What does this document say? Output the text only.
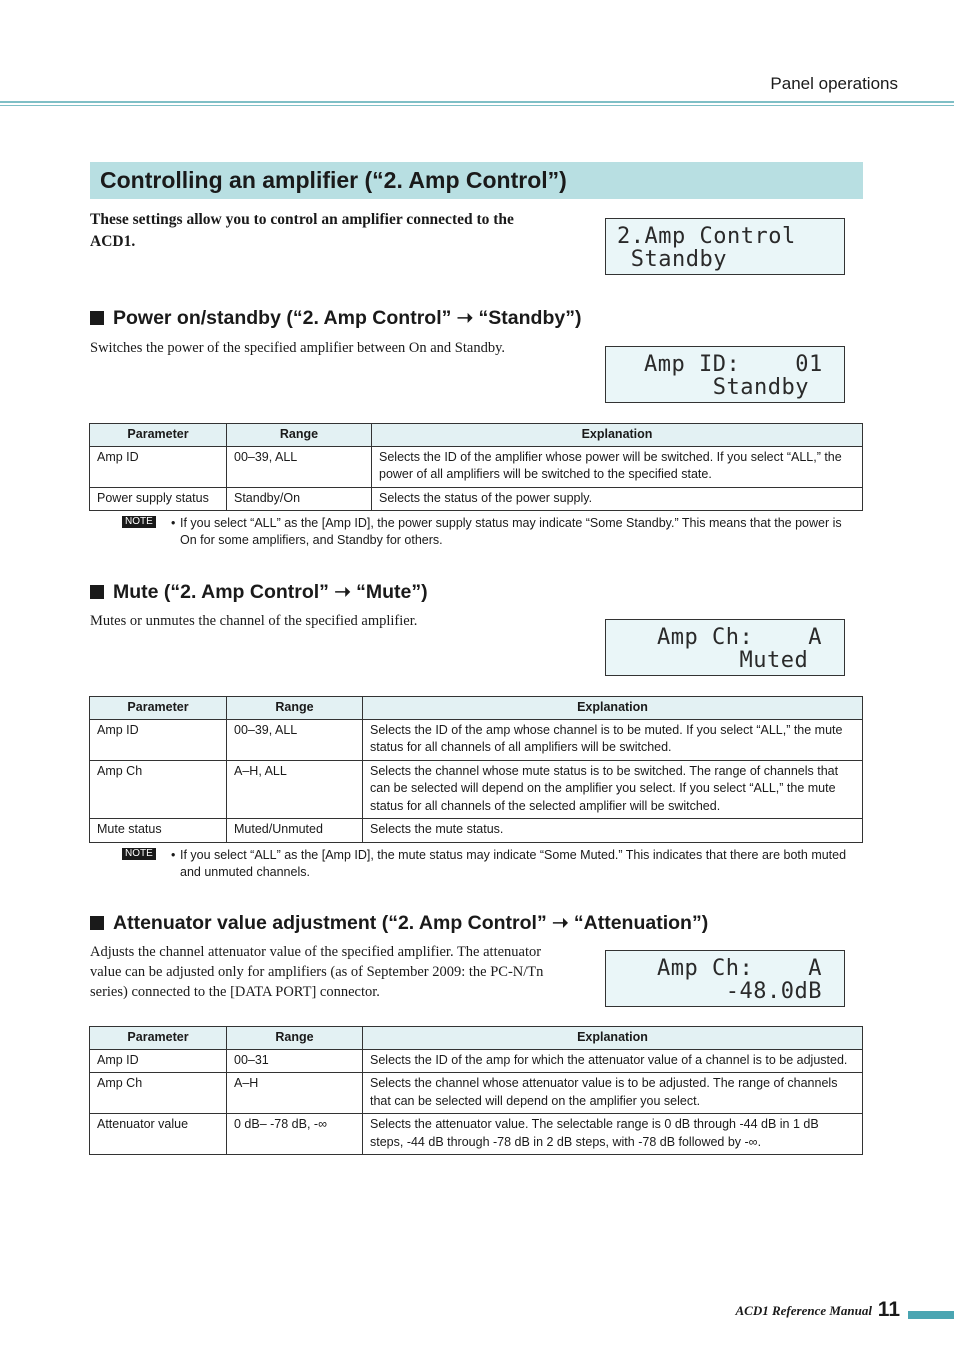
Panel operations
Controlling an amplifier (“2. Amp Control”)
These settings allow you to control an amplifier connected to the ACD1.	2.Amp Control
Standby
Power on/standby (“2. Amp Control” ➝ “Standby”)
Switches the power of the specified amplifier between On and Standby.
Amp ID:    01
Standby
Parameter	Range	Explanation
Amp ID	00–39, ALL	Selects the ID of the amplifier whose power will be switched. If you select “ALL,” the power of all amplifiers will be switched to the specified state.
Power supply status	Standby/On	Selects the status of the power supply.
NOTE • If you select “ALL” as the [Amp ID], the power supply status may indicate “Some Standby.” This means that the power is On for some amplifiers, and Standby for others.
Mute (“2. Amp Control” ➝ “Mute”)
Mutes or unmutes the channel of the specified amplifier.
Amp Ch:    A
Muted
Parameter	Range	Explanation
Amp ID	00–39, ALL	Selects the ID of the amp whose channel is to be muted. If you select “ALL,” the mute status for all channels of all amplifiers will be switched.
Amp Ch	A–H, ALL	Selects the channel whose mute status is to be switched. The range of channels that can be selected will depend on the amplifier you select. If you select “ALL,” the mute status for all channels of the selected amplifier will be switched.
Mute status	Muted/Unmuted	Selects the mute status.
NOTE • If you select “ALL” as the [Amp ID], the mute status may indicate “Some Muted.” This indicates that there are both muted and unmuted channels.
Attenuator value adjustment (“2. Amp Control” ➝ “Attenuation”)
Adjusts the channel attenuator value of the specified amplifier. The attenuator value can be adjusted only for amplifiers (as of September 2009: the PC-N/Tn series) connected to the [DATA PORT] connector.
Amp Ch:    A
-48.0dB
Parameter	Range	Explanation
Amp ID	00–31	Selects the ID of the amp for which the attenuator value of a channel is to be adjusted.
Amp Ch	A–H	Selects the channel whose attenuator value is to be adjusted. The range of channels that can be selected will depend on the amplifier you select.
Attenuator value	0 dB– -78 dB, -∞	Selects the attenuator value. The selectable range is 0 dB through -44 dB in 1 dB steps, -44 dB through -78 dB in 2 dB steps, with -78 dB followed by -∞.
ACD1 Reference Manual 11
